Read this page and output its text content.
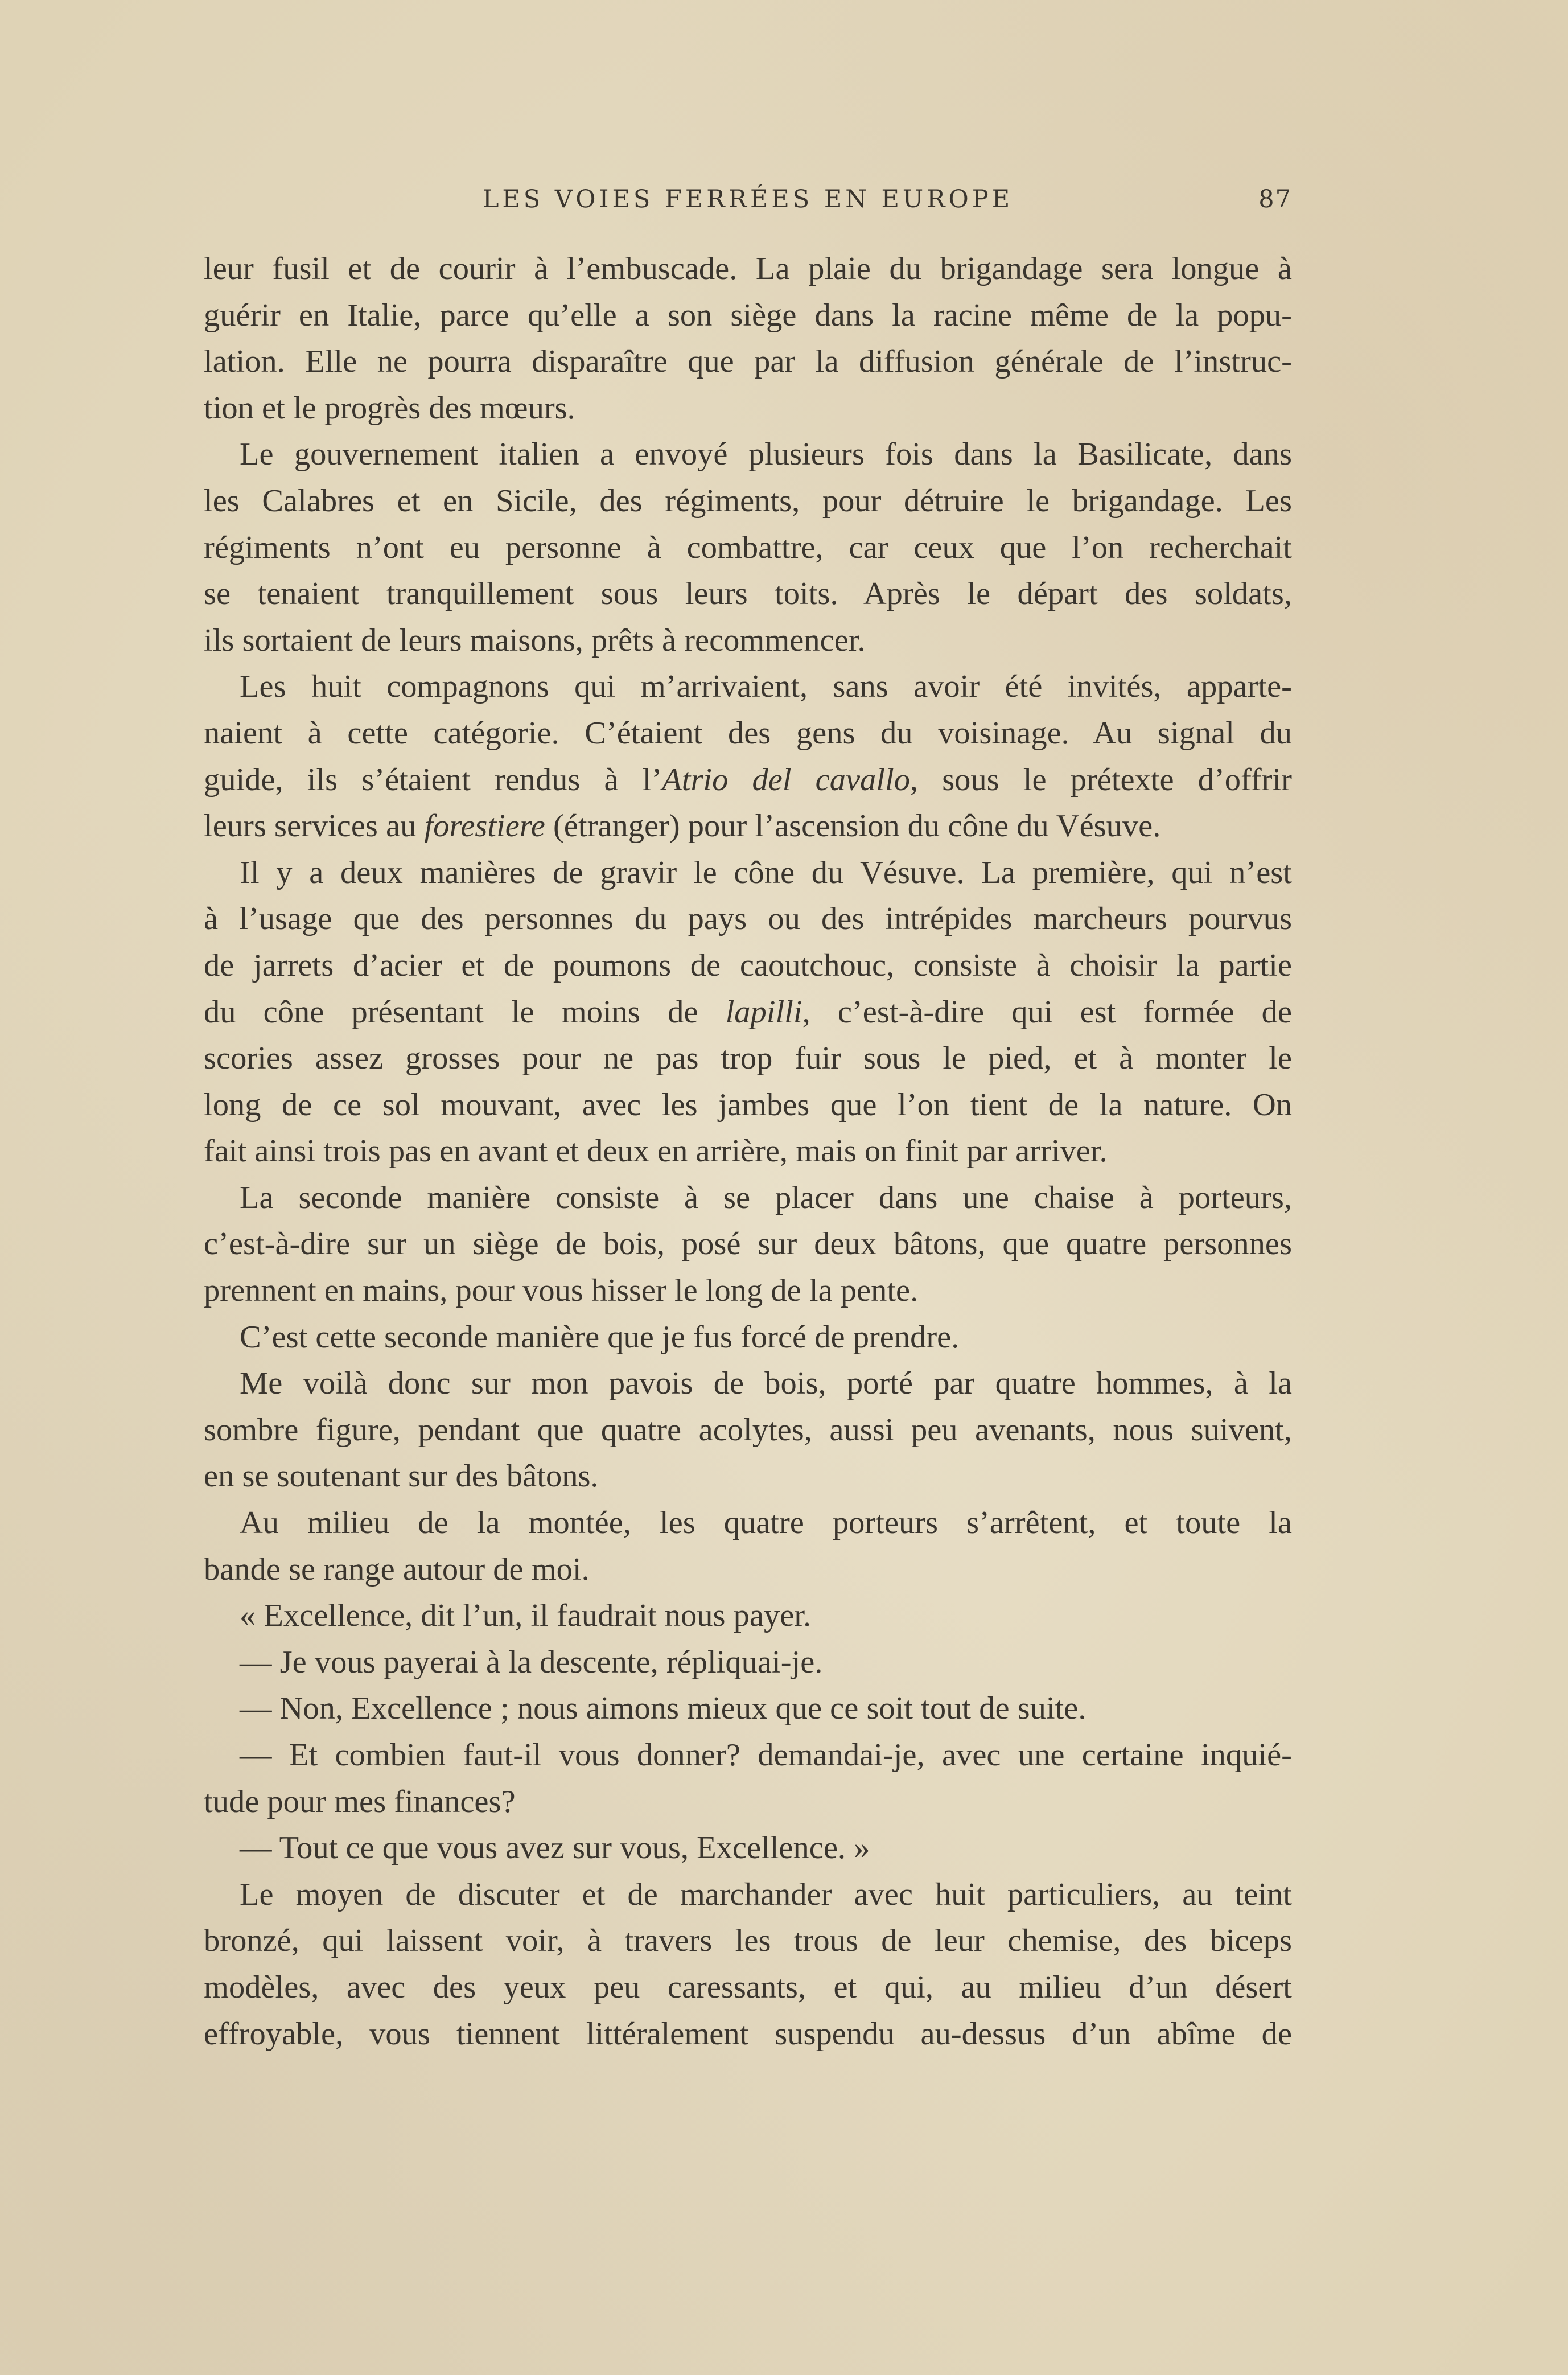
LES VOIES FERRÉES EN EUROPE	87
leur fusil et de courir à l’embuscade. La plaie du brigandage sera longue à
guérir en Italie, parce qu’elle a son siège dans la racine même de la popu-
lation. Elle ne pourra disparaître que par la diffusion générale de l’instruc-
tion et le progrès des mœurs.
Le gouvernement italien a envoyé plusieurs fois dans la Basilicate, dans
les Calabres et en Sicile, des régiments, pour détruire le brigandage. Les
régiments n’ont eu personne à combattre, car ceux que l’on recherchait
se tenaient tranquillement sous leurs toits. Après le départ des soldats,
ils sortaient de leurs maisons, prêts à recommencer.
Les huit compagnons qui m’arrivaient, sans avoir été invités, apparte-
naient à cette catégorie. C’étaient des gens du voisinage. Au signal du
guide, ils s’étaient rendus à l’Atrio del cavallo, sous le prétexte d’offrir
leurs services au forestiere (étranger) pour l’ascension du cône du Vésuve.
Il y a deux manières de gravir le cône du Vésuve. La première, qui n’est
à l’usage que des personnes du pays ou des intrépides marcheurs pourvus
de jarrets d’acier et de poumons de caoutchouc, consiste à choisir la partie
du cône présentant le moins de lapilli, c’est-à-dire qui est formée de
scories assez grosses pour ne pas trop fuir sous le pied, et à monter le
long de ce sol mouvant, avec les jambes que l’on tient de la nature. On
fait ainsi trois pas en avant et deux en arrière, mais on finit par arriver.
La seconde manière consiste à se placer dans une chaise à porteurs,
c’est-à-dire sur un siège de bois, posé sur deux bâtons, que quatre personnes
prennent en mains, pour vous hisser le long de la pente.
C’est cette seconde manière que je fus forcé de prendre.
Me voilà donc sur mon pavois de bois, porté par quatre hommes, à la
sombre figure, pendant que quatre acolytes, aussi peu avenants, nous suivent,
en se soutenant sur des bâtons.
Au milieu de la montée, les quatre porteurs s’arrêtent, et toute la
bande se range autour de moi.
« Excellence, dit l’un, il faudrait nous payer.
— Je vous payerai à la descente, répliquai-je.
— Non, Excellence ; nous aimons mieux que ce soit tout de suite.
— Et combien faut-il vous donner? demandai-je, avec une certaine inquié-
tude pour mes finances?
— Tout ce que vous avez sur vous, Excellence. »
Le moyen de discuter et de marchander avec huit particuliers, au teint
bronzé, qui laissent voir, à travers les trous de leur chemise, des biceps
modèles, avec des yeux peu caressants, et qui, au milieu d’un désert
effroyable, vous tiennent littéralement suspendu au-dessus d’un abîme de
